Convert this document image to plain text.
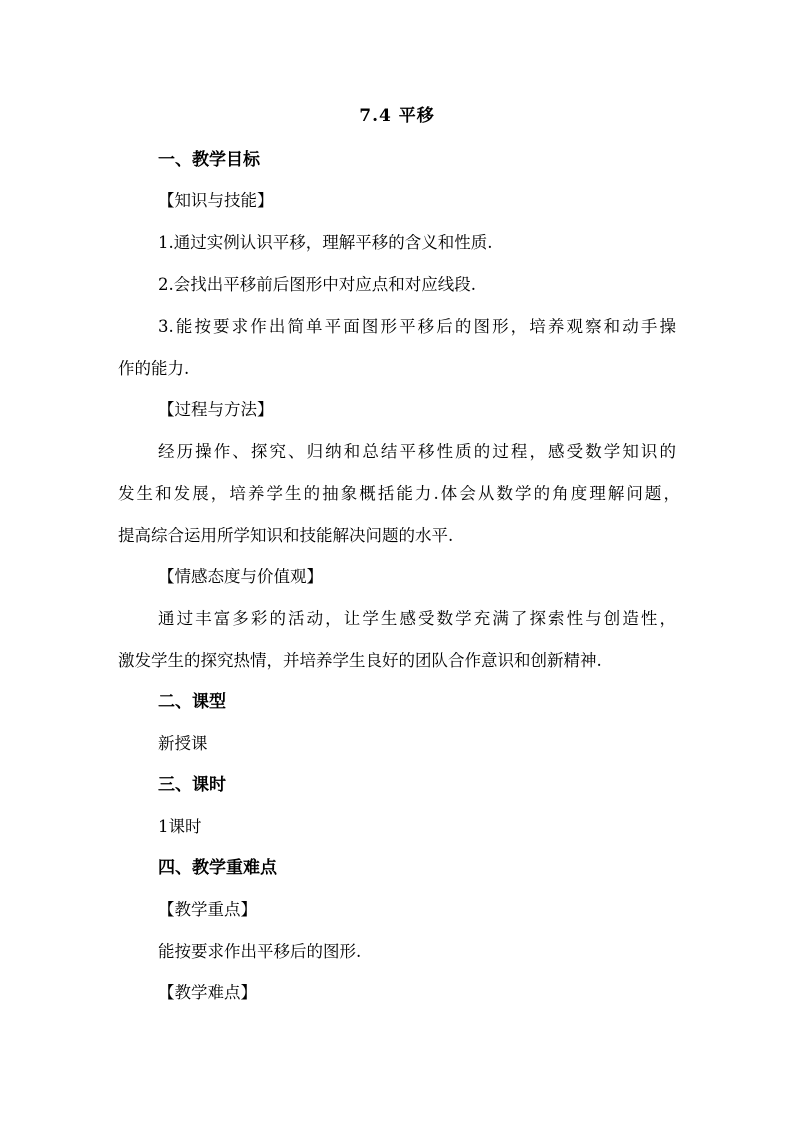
7.4 平移
一、教学目标
【知识与技能】
1.通过实例认识平移，理解平移的含义和性质.
2.会找出平移前后图形中对应点和对应线段.
3.能按要求作出简单平面图形平移后的图形，培养观察和动手操
作的能力.
【过程与方法】
经历操作、探究、归纳和总结平移性质的过程，感受数学知识的
发生和发展，培养学生的抽象概括能力.体会从数学的角度理解问题，
提高综合运用所学知识和技能解决问题的水平.
【情感态度与价值观】
通过丰富多彩的活动，让学生感受数学充满了探索性与创造性，
激发学生的探究热情，并培养学生良好的团队合作意识和创新精神.
二、课型
新授课
三、课时
1课时
四、教学重难点
【教学重点】
能按要求作出平移后的图形.
【教学难点】
